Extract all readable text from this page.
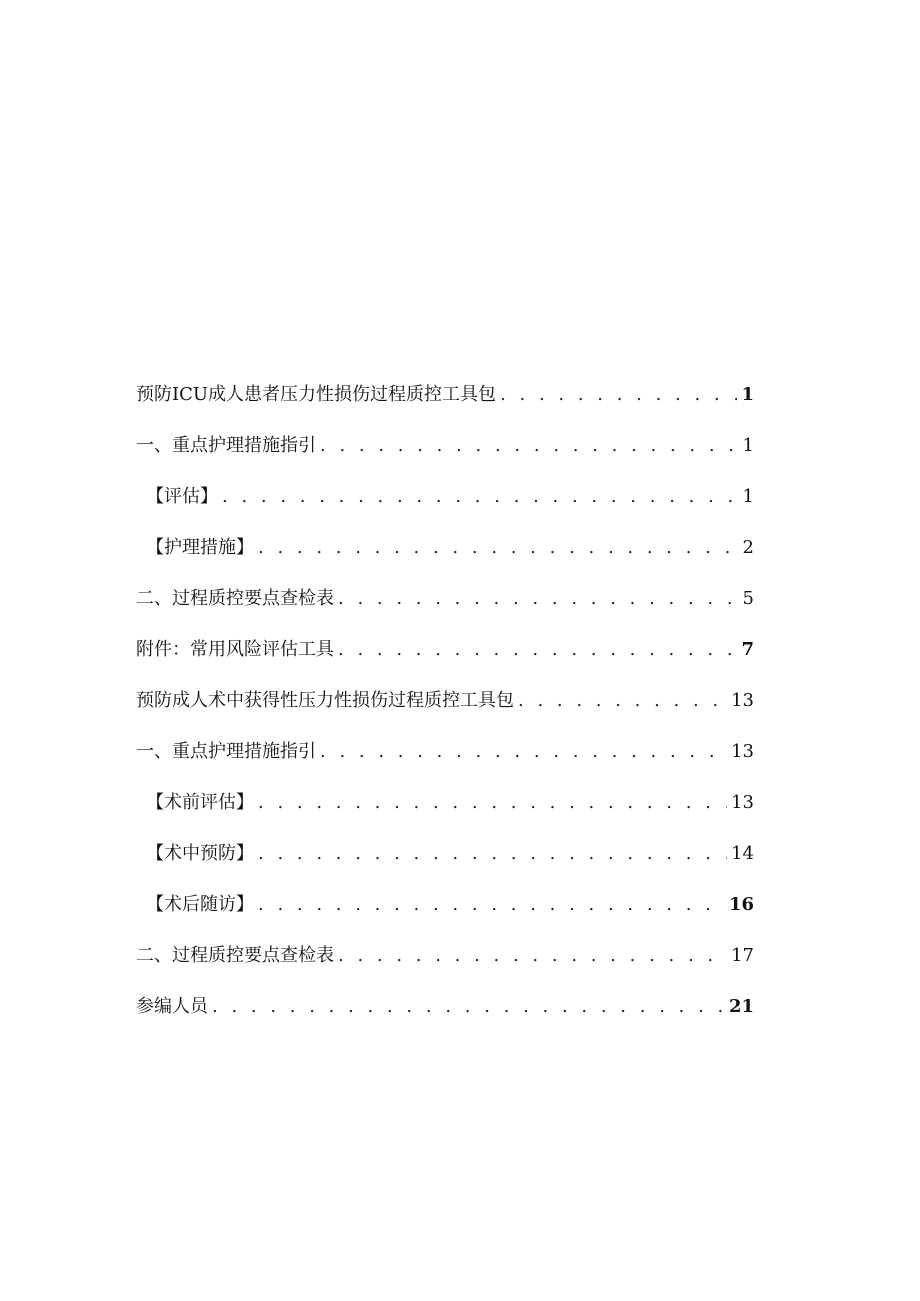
预防ICU成人患者压力性损伤过程质控工具包 . . .	1
一、重点护理措施指引 . . .	1
【评估】 . . .	1
【护理措施】 . . .	2
二、过程质控要点查检表 . . .	5
附件：常用风险评估工具 . . .	7
预防成人术中获得性压力性损伤过程质控工具包 . . .	13
一、重点护理措施指引 . . .	13
【术前评估】 . . .	13
【术中预防】 . . .	14
【术后随访】 . . .	16
二、过程质控要点查检表 . . .	17
参编人员 . . .	21
